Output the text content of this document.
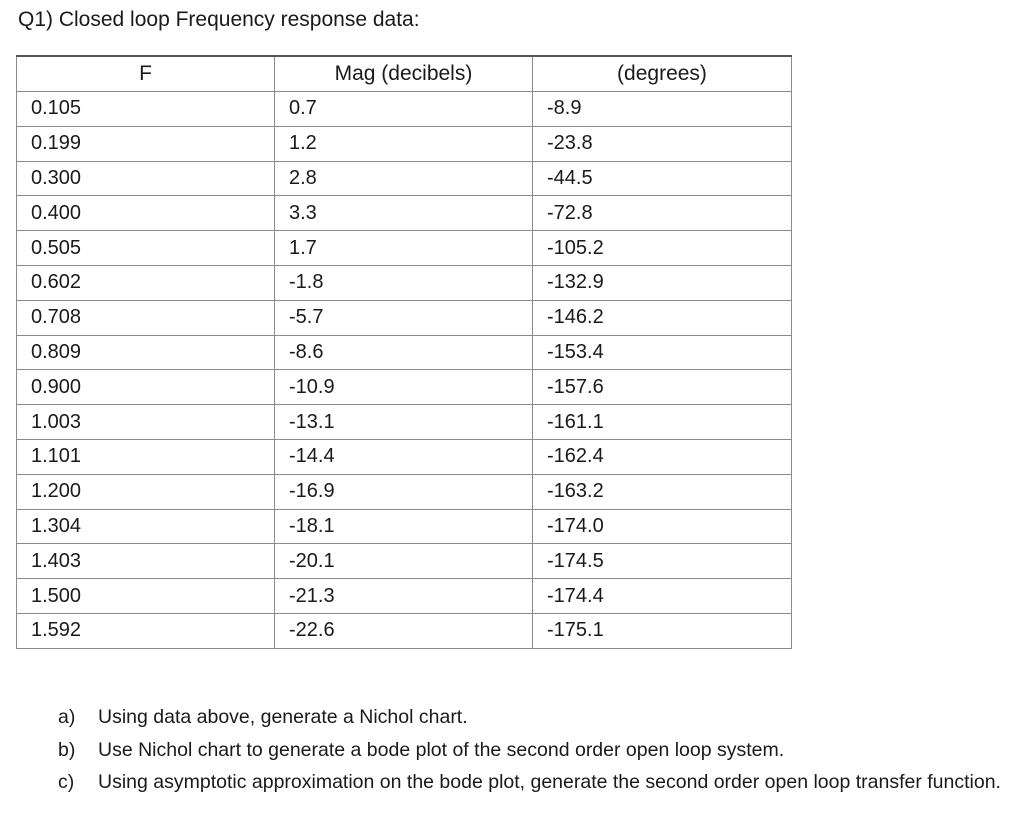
Q1) Closed loop Frequency response data:
F	Mag (decibels)	(degrees)
0.105	0.7	-8.9
0.199	1.2	-23.8
0.300	2.8	-44.5
0.400	3.3	-72.8
0.505	1.7	-105.2
0.602	-1.8	-132.9
0.708	-5.7	-146.2
0.809	-8.6	-153.4
0.900	-10.9	-157.6
1.003	-13.1	-161.1
1.101	-14.4	-162.4
1.200	-16.9	-163.2
1.304	-18.1	-174.0
1.403	-20.1	-174.5
1.500	-21.3	-174.4
1.592	-22.6	-175.1
a)	Using data above, generate a Nichol chart.
b)	Use Nichol chart to generate a bode plot of the second order open loop system.
c)	Using asymptotic approximation on the bode plot, generate the second order open loop transfer function.
